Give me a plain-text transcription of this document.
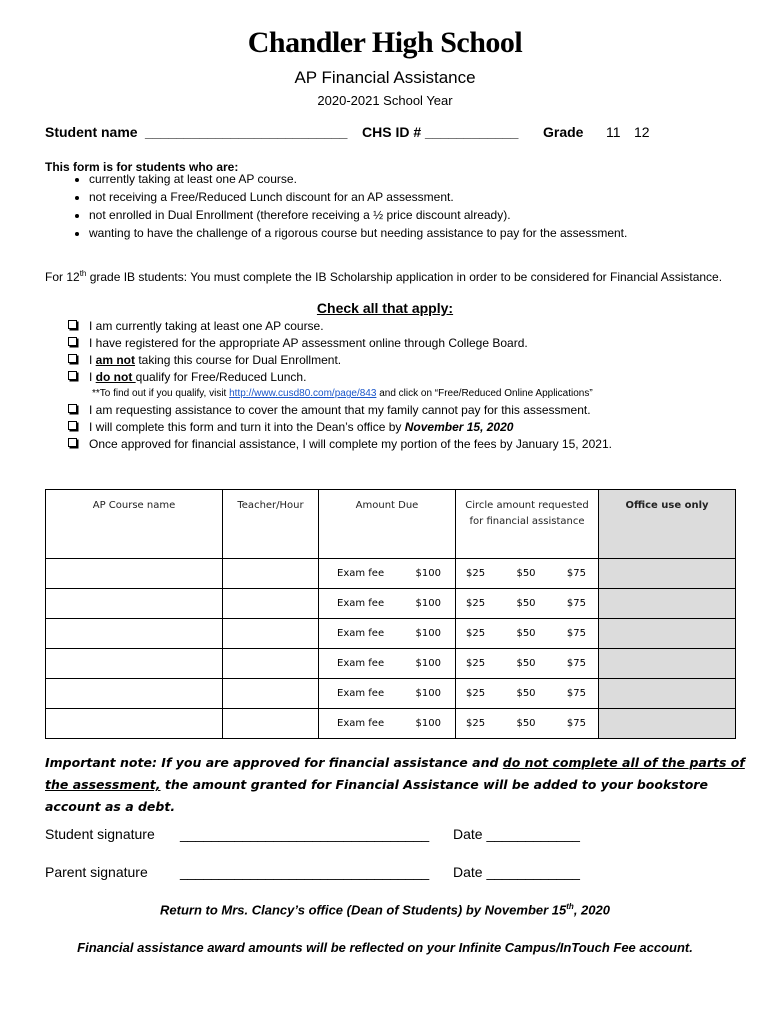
Chandler High School
AP Financial Assistance
2020-2021 School Year
Student name __________________________ CHS ID # ____________ Grade 11 12
This form is for students who are:
• currently taking at least one AP course.
• not receiving a Free/Reduced Lunch discount for an AP assessment.
• not enrolled in Dual Enrollment (therefore receiving a ½ price discount already).
• wanting to have the challenge of a rigorous course but needing assistance to pay for the assessment.
For 12th grade IB students: You must complete the IB Scholarship application in order to be considered for Financial Assistance.
Check all that apply:
I am currently taking at least one AP course.
I have registered for the appropriate AP assessment online through College Board.
I am not taking this course for Dual Enrollment.
I do not qualify for Free/Reduced Lunch.
**To find out if you qualify, visit http://www.cusd80.com/page/843 and click on “Free/Reduced Online Applications”
I am requesting assistance to cover the amount that my family cannot pay for this assessment.
I will complete this form and turn it into the Dean’s office by November 15, 2020
Once approved for financial assistance, I will complete my portion of the fees by January 15, 2021.
AP Course name	Teacher/Hour	Amount Due	Circle amount requested for financial assistance	Office use only

		Exam fee $100	$25 $50 $75	

		Exam fee $100	$25 $50 $75	

		Exam fee $100	$25 $50 $75	

		Exam fee $100	$25 $50 $75	

		Exam fee $100	$25 $50 $75	

		Exam fee $100	$25 $50 $75	

Important note: If you are approved for financial assistance and do not complete all of the parts of the assessment, the amount granted for Financial Assistance will be added to your bookstore account as a debt.
Student signature ________________________________ Date ____________
Parent signature ________________________________ Date ____________
Return to Mrs. Clancy’s office (Dean of Students) by November 15th, 2020
Financial assistance award amounts will be reflected on your Infinite Campus/InTouch Fee account.
